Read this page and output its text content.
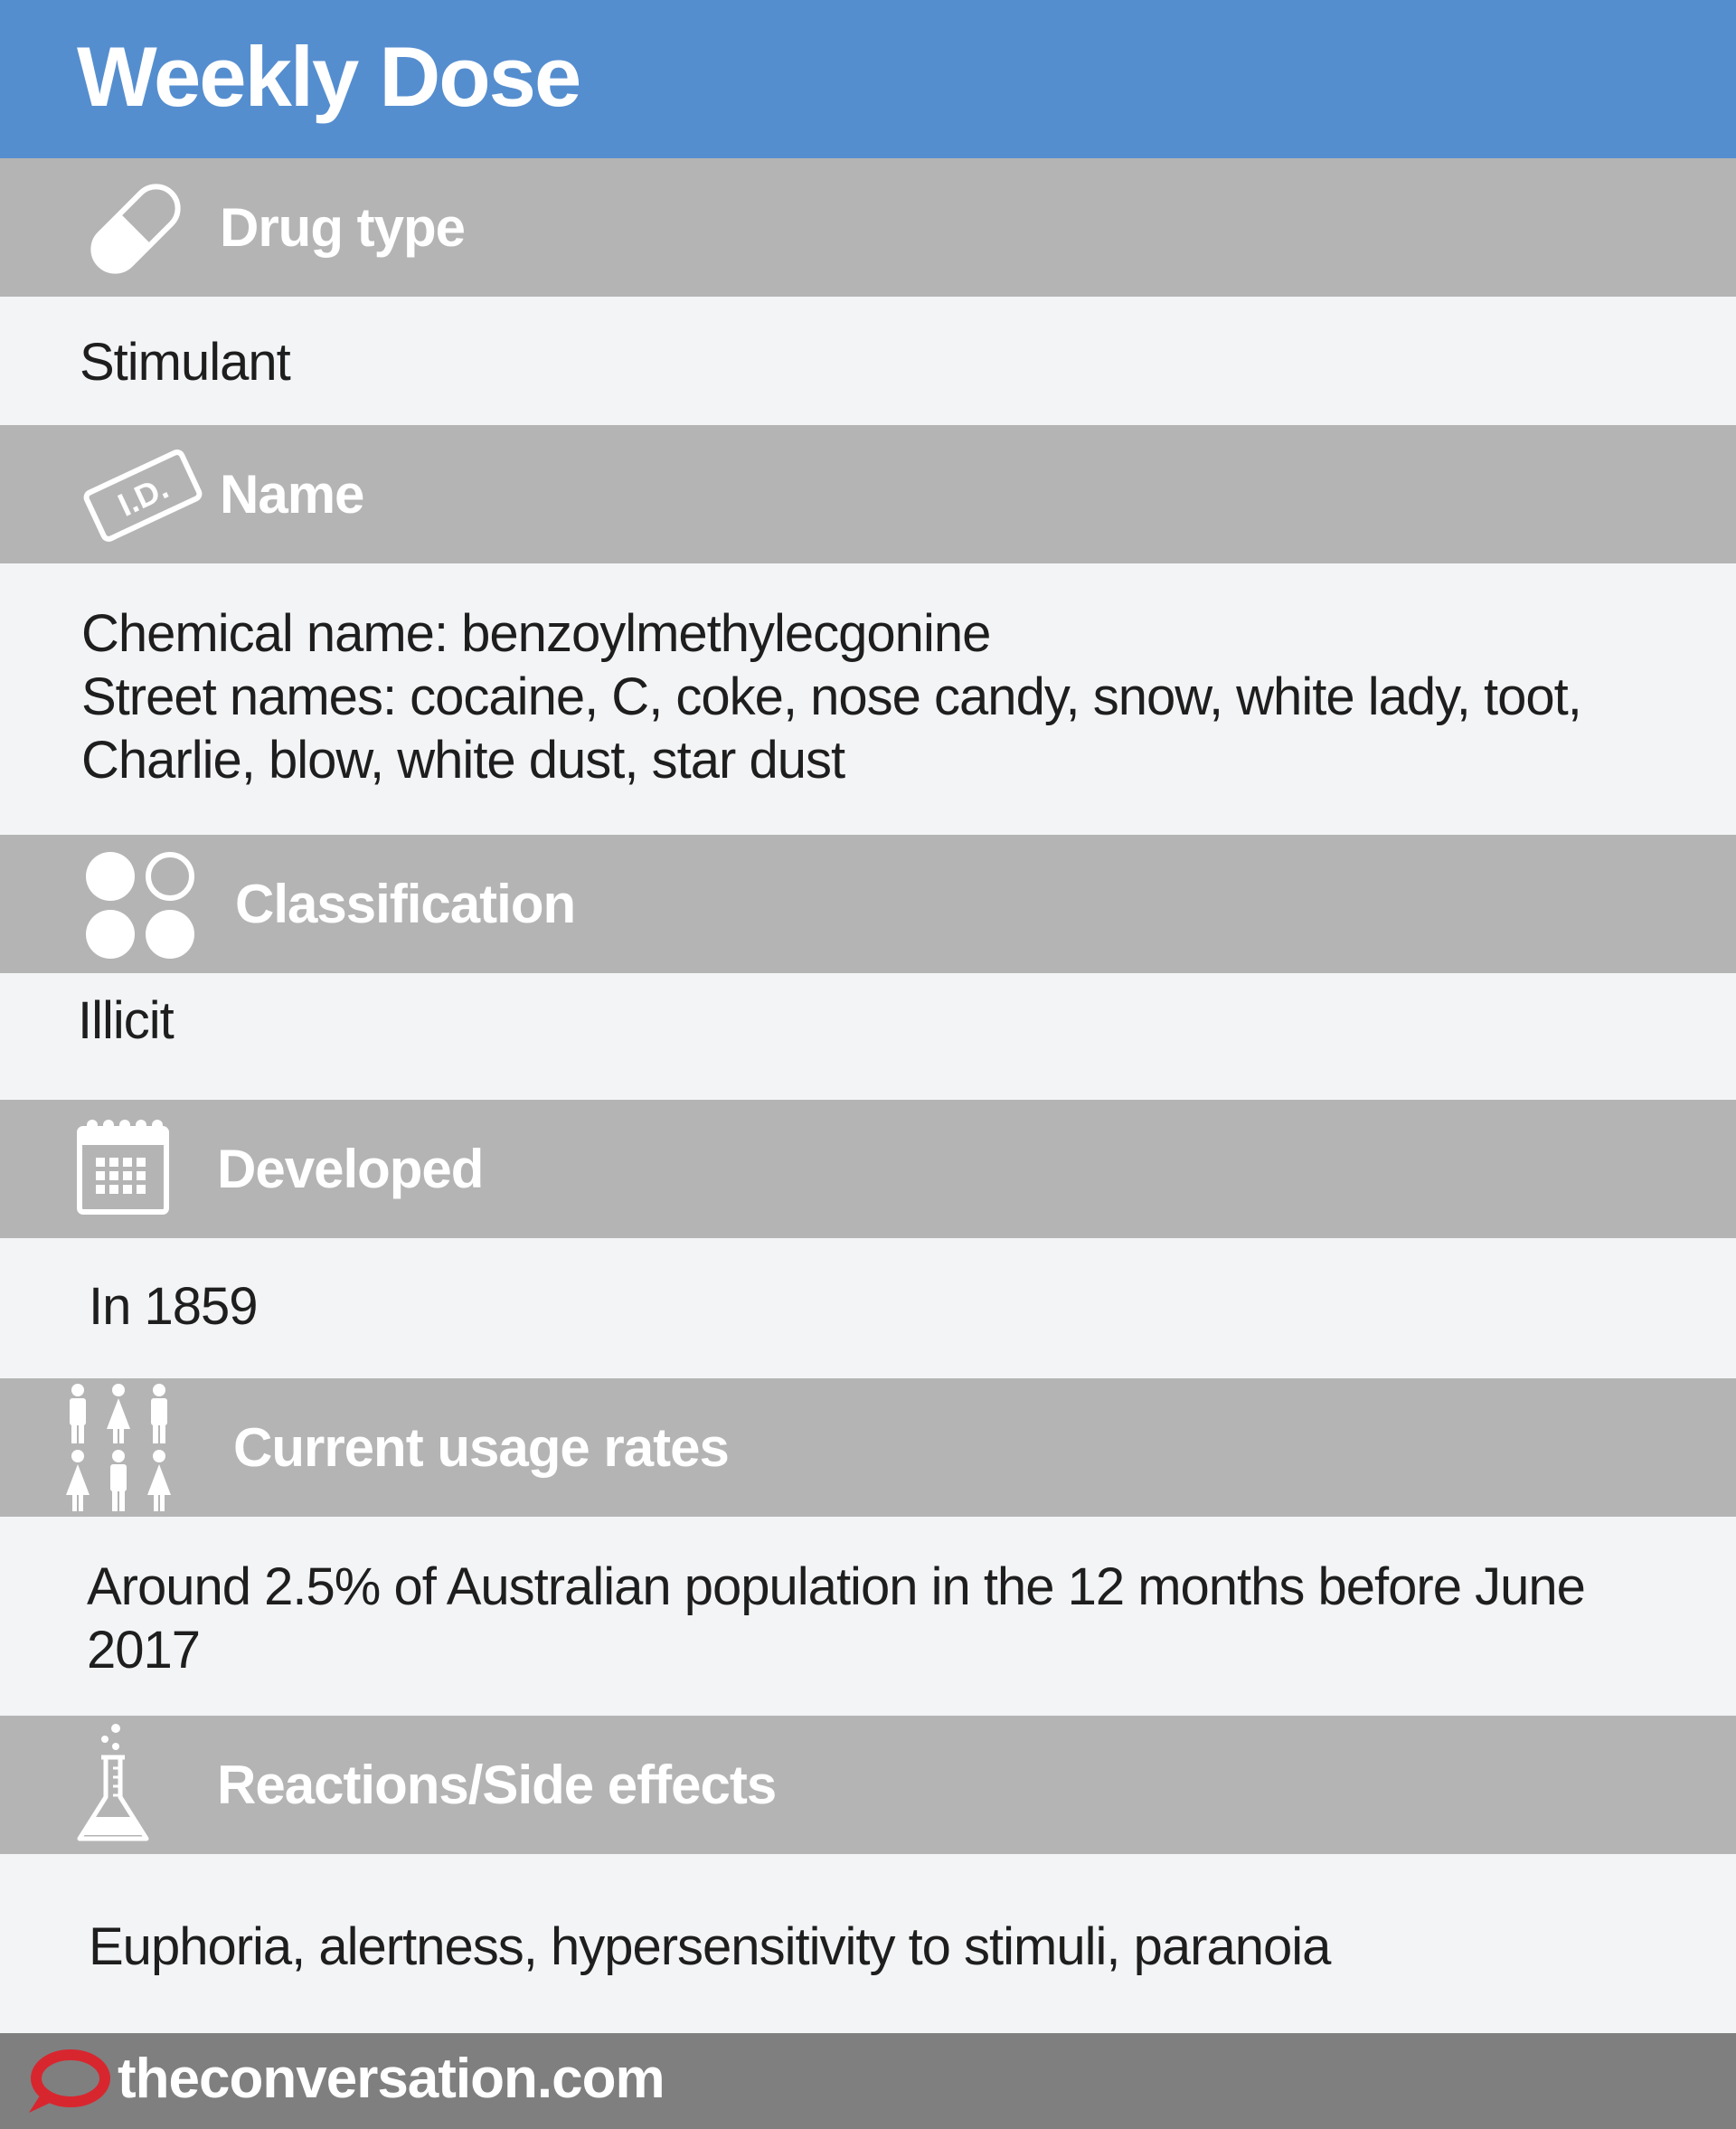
Weekly Dose
Drug type
Stimulant
I.D. Name
Chemical name: benzoylmethylecgonine
Street names: cocaine, C, coke, nose candy, snow, white lady, toot,
Charlie, blow, white dust, star dust
Classification
Illicit
Developed
In 1859
Current usage rates
Around 2.5% of Australian population in the 12 months before June
2017
Reactions/Side effects
Euphoria, alertness, hypersensitivity to stimuli, paranoia
theconversation.com
